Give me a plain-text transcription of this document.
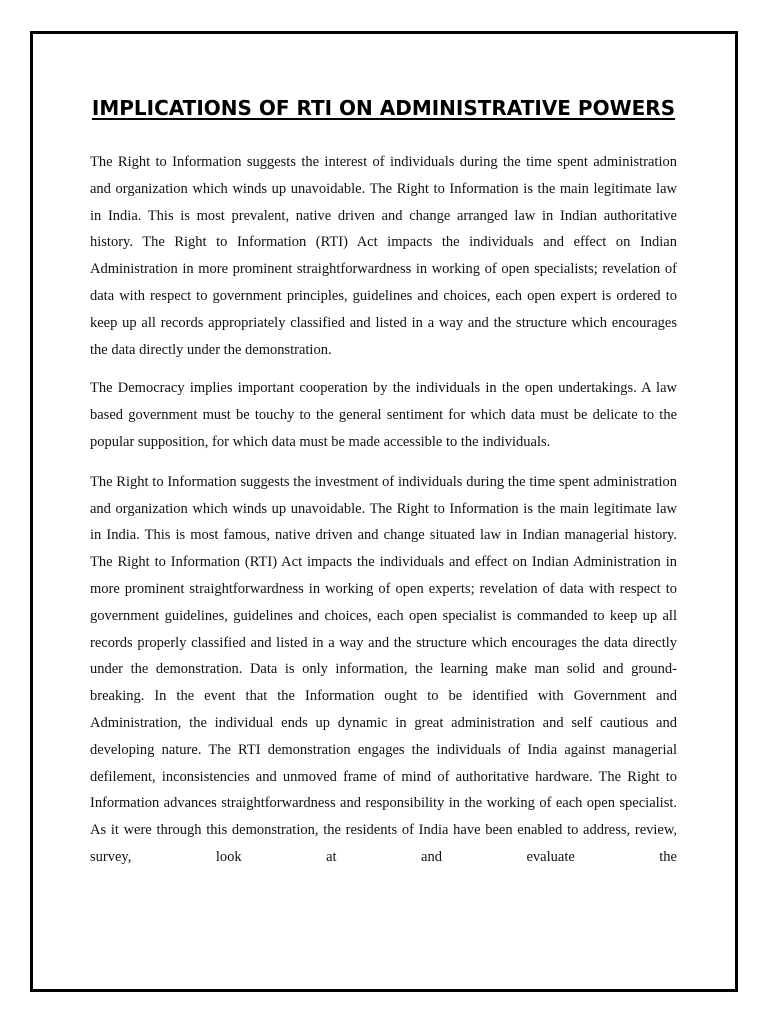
IMPLICATIONS OF RTI ON ADMINISTRATIVE POWERS

The Right to Information suggests the interest of individuals during the time spent administration and organization which winds up unavoidable. The Right to Information is the main legitimate law in India. This is most prevalent, native driven and change arranged law in Indian authoritative history. The Right to Information (RTI) Act impacts the individuals and effect on Indian Administration in more prominent straightforwardness in working of open specialists; revelation of data with respect to government principles, guidelines and choices, each open expert is ordered to keep up all records appropriately classified and listed in a way and the structure which encourages the data directly under the demonstration.

The Democracy implies important cooperation by the individuals in the open undertakings. A law based government must be touchy to the general sentiment for which data must be delicate to the popular supposition, for which data must be made accessible to the individuals.

The Right to Information suggests the investment of individuals during the time spent administration and organization which winds up unavoidable. The Right to Information is the main legitimate law in India. This is most famous, native driven and change situated law in Indian managerial history. The Right to Information (RTI) Act impacts the individuals and effect on Indian Administration in more prominent straightforwardness in working of open experts; revelation of data with respect to government guidelines, guidelines and choices, each open specialist is commanded to keep up all records properly classified and listed in a way and the structure which encourages the data directly under the demonstration. Data is only information, the learning make man solid and ground-breaking. In the event that the Information ought to be identified with Government and Administration, the individual ends up dynamic in great administration and self cautious and developing nature. The RTI demonstration engages the individuals of India against managerial defilement, inconsistencies and unmoved frame of mind of authoritative hardware. The Right to Information advances straightforwardness and responsibility in the working of each open specialist. As it were through this demonstration, the residents of India have been enabled to address, review, survey, look at and evaluate the
